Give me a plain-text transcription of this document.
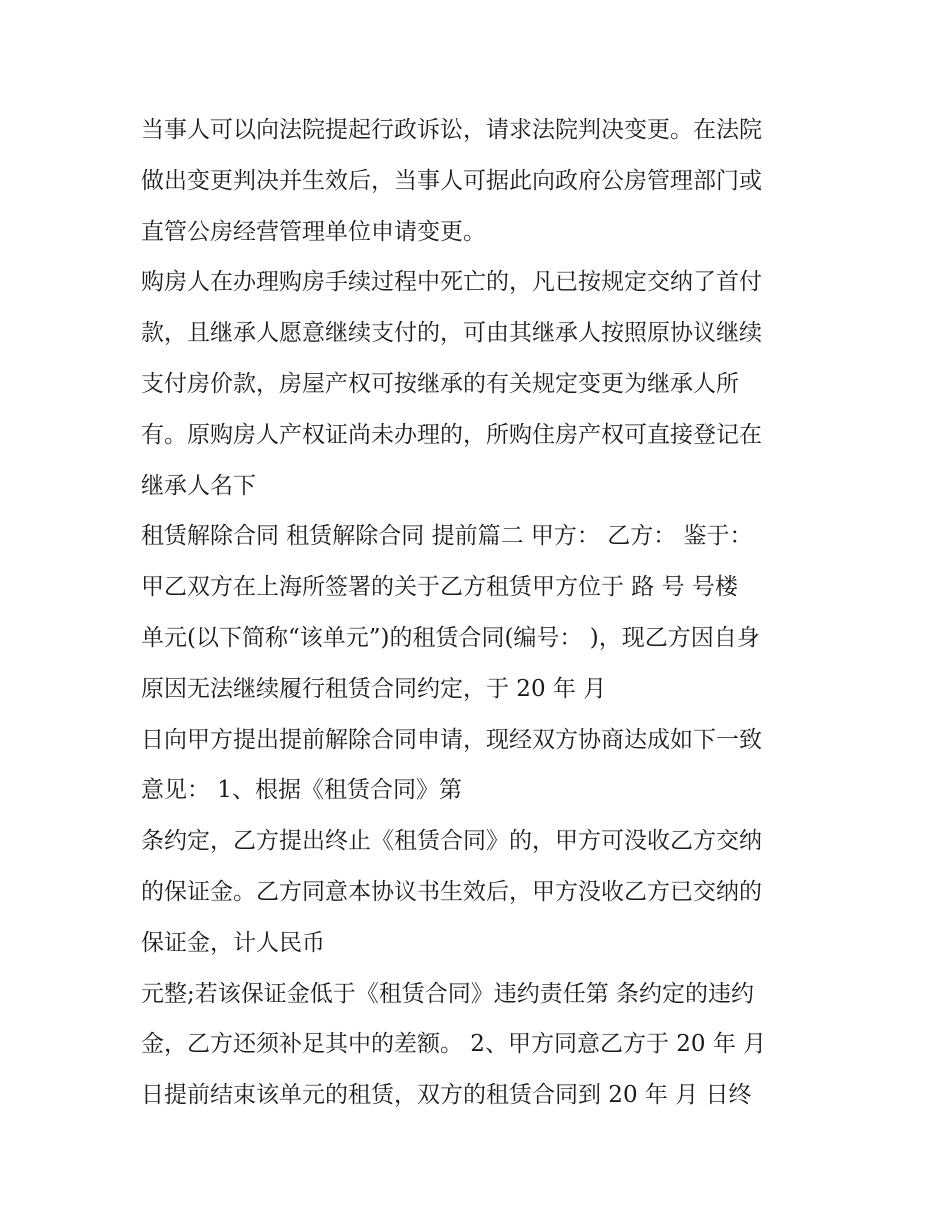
当事人可以向法院提起行政诉讼，请求法院判决变更。在法院
做出变更判决并生效后，当事人可据此向政府公房管理部门或
直管公房经营管理单位申请变更。
购房人在办理购房手续过程中死亡的，凡已按规定交纳了首付
款，且继承人愿意继续支付的，可由其继承人按照原协议继续
支付房价款，房屋产权可按继承的有关规定变更为继承人所
有。原购房人产权证尚未办理的，所购住房产权可直接登记在
继承人名下
租赁解除合同 租赁解除合同 提前篇二 甲方： 乙方： 鉴于：
甲乙双方在上海所签署的关于乙方租赁甲方位于 路 号 号楼
单元(以下简称“该单元”)的租赁合同(编号： )，现乙方因自身
原因无法继续履行租赁合同约定，于 20 年 月
日向甲方提出提前解除合同申请，现经双方协商达成如下一致
意见： 1、根据《租赁合同》第
条约定，乙方提出终止《租赁合同》的，甲方可没收乙方交纳
的保证金。乙方同意本协议书生效后，甲方没收乙方已交纳的
保证金，计人民币
元整;若该保证金低于《租赁合同》违约责任第 条约定的违约
金，乙方还须补足其中的差额。 2、甲方同意乙方于 20 年 月
日提前结束该单元的租赁，双方的租赁合同到 20 年 月 日终
